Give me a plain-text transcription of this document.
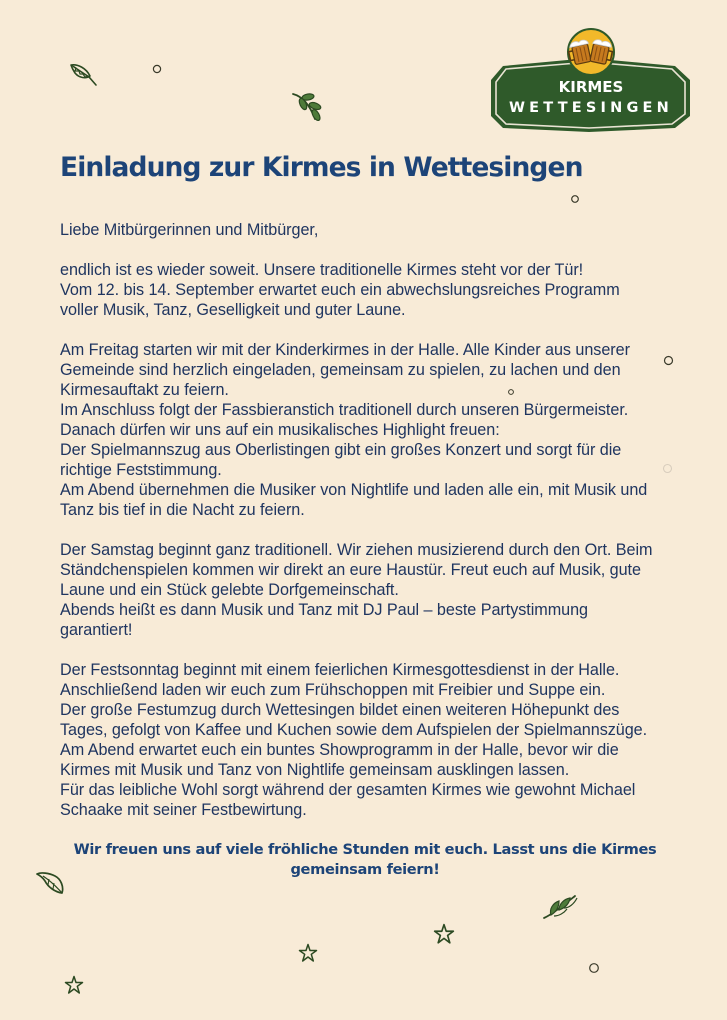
KIRMES
WETTESINGEN
Einladung zur Kirmes in Wettesingen

Liebe Mitbürgerinnen und Mitbürger,

endlich ist es wieder soweit. Unsere traditionelle Kirmes steht vor der Tür!
Vom 12. bis 14. September erwartet euch ein abwechslungsreiches Programm
voller Musik, Tanz, Geselligkeit und guter Laune.

Am Freitag starten wir mit der Kinderkirmes in der Halle. Alle Kinder aus unserer
Gemeinde sind herzlich eingeladen, gemeinsam zu spielen, zu lachen und den
Kirmesauftakt zu feiern.
Im Anschluss folgt der Fassbieranstich traditionell durch unseren Bürgermeister.
Danach dürfen wir uns auf ein musikalisches Highlight freuen:
Der Spielmannszug aus Oberlistingen gibt ein großes Konzert und sorgt für die
richtige Feststimmung.
Am Abend übernehmen die Musiker von Nightlife und laden alle ein, mit Musik und
Tanz bis tief in die Nacht zu feiern.

Der Samstag beginnt ganz traditionell. Wir ziehen musizierend durch den Ort. Beim
Ständchenspielen kommen wir direkt an eure Haustür. Freut euch auf Musik, gute
Laune und ein Stück gelebte Dorfgemeinschaft.
Abends heißt es dann Musik und Tanz mit DJ Paul – beste Partystimmung
garantiert!

Der Festsonntag beginnt mit einem feierlichen Kirmesgottesdienst in der Halle.
Anschließend laden wir euch zum Frühschoppen mit Freibier und Suppe ein.
Der große Festumzug durch Wettesingen bildet einen weiteren Höhepunkt des
Tages, gefolgt von Kaffee und Kuchen sowie dem Aufspielen der Spielmannszüge.
Am Abend erwartet euch ein buntes Showprogramm in der Halle, bevor wir die
Kirmes mit Musik und Tanz von Nightlife gemeinsam ausklingen lassen.
Für das leibliche Wohl sorgt während der gesamten Kirmes wie gewohnt Michael
Schaake mit seiner Festbewirtung.

Wir freuen uns auf viele fröhliche Stunden mit euch. Lasst uns die Kirmes
gemeinsam feiern!
